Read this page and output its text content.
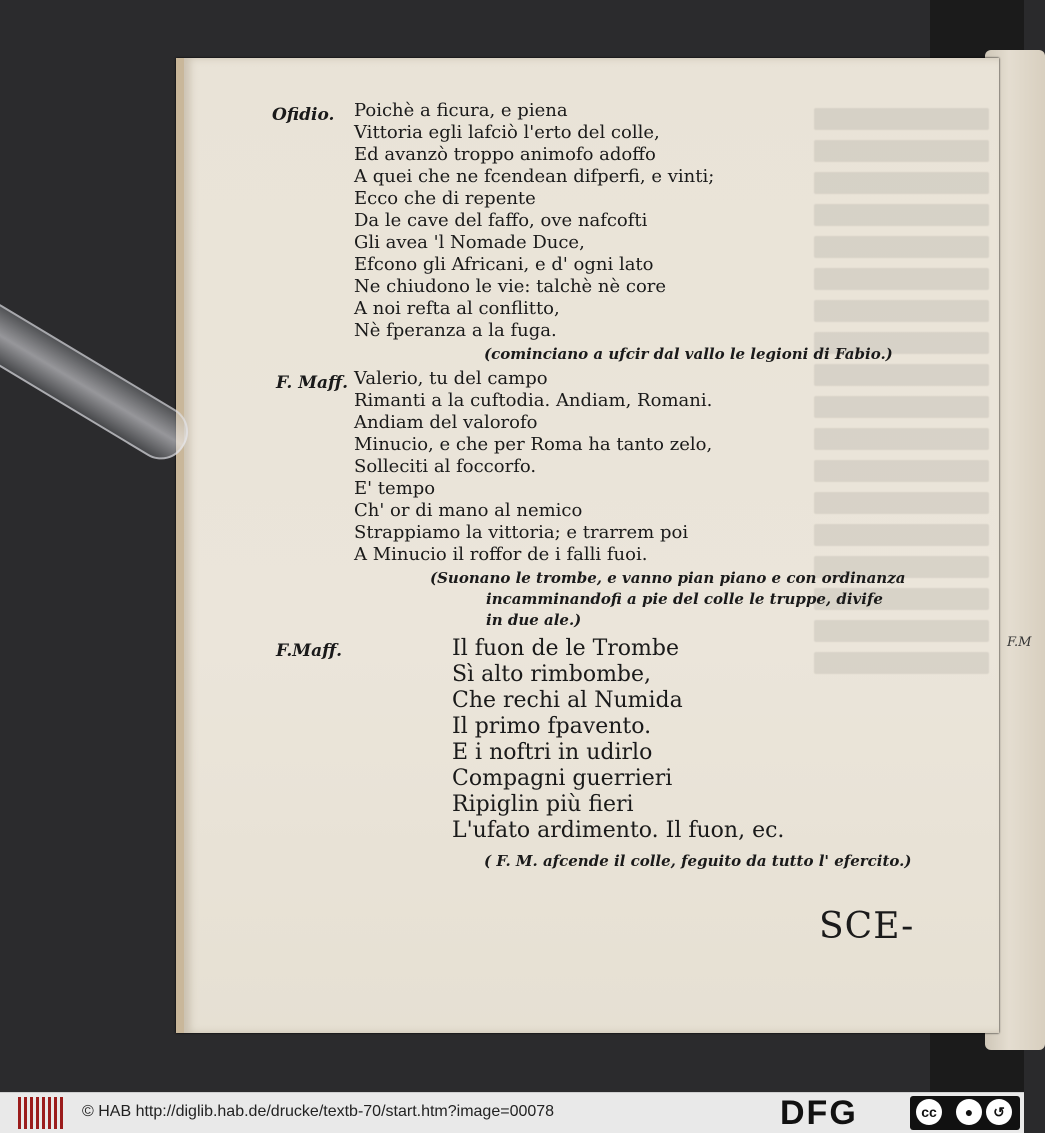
F.M
Ofidio. Poichè a ficura, e piena
Vittoria egli lafciò l'erto del colle,
Ed avanzò troppo animofo adoffo
A quei che ne fcendean difperfi, e vinti;
Ecco che di repente
Da le cave del faffo, ove nafcofti
Gli avea 'l Nomade Duce,
Efcono gli Africani, e d' ogni lato
Ne chiudono le vie: talchè nè core
A noi refta al conflitto,
Nè fperanza a la fuga.
(cominciano a ufcir dal vallo le legioni di Fabio.)
F. Maff. Valerio, tu del campo
Rimanti a la cuftodia. Andiam, Romani.
Andiam del valorofo
Minucio, e che per Roma ha tanto zelo,
Solleciti al foccorfo.
E' tempo
Ch' or di mano al nemico
Strappiamo la vittoria; e trarrem poi
A Minucio il roffor de i falli fuoi.
(Suonano le trombe, e vanno pian piano e con ordinanza
incamminandofi a pie del colle le truppe, divife
in due ale.)
F.Maff.	Il fuon de le Trombe
Sì alto rimbombe,
Che rechi al Numida
Il primo fpavento.
E i noftri in udirlo
Compagni guerrieri
Ripiglin più fieri
L'ufato ardimento. Il fuon, ec.
( F. M. afcende il colle, feguito da tutto l' efercito.)
SCE-
© HAB http://diglib.hab.de/drucke/textb-70/start.htm?image=00078	DFG	cc	●	↺
